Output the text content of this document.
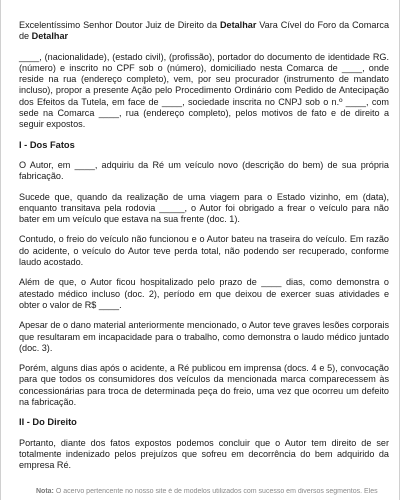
Excelentíssimo Senhor Doutor Juiz de Direito da Detalhar Vara Cível do Foro da Comarca de Detalhar

____, (nacionalidade), (estado civil), (profissão), portador do documento de identidade RG. (número) e inscrito no CPF sob o (número), domiciliado nesta Comarca de ____, onde reside na rua (endereço completo), vem, por seu procurador (instrumento de mandato incluso), propor a presente Ação pelo Procedimento Ordinário com Pedido de Antecipação dos Efeitos da Tutela, em face de ____, sociedade inscrita no CNPJ sob o n.º ____, com sede na Comarca ____, rua (endereço completo), pelos motivos de fato e de direito a seguir expostos.

I - Dos Fatos

O Autor, em ____, adquiriu da Ré um veículo novo (descrição do bem) de sua própria fabricação.

Sucede que, quando da realização de uma viagem para o Estado vizinho, em (data), enquanto transitava pela rodovia _____, o Autor foi obrigado a frear o veículo para não bater em um veículo que estava na sua frente (doc. 1).

Contudo, o freio do veículo não funcionou e o Autor bateu na traseira do veículo. Em razão do acidente, o veículo do Autor teve perda total, não podendo ser recuperado, conforme laudo acostado.

Além de que, o Autor ficou hospitalizado pelo prazo de ____ dias, como demonstra o atestado médico incluso (doc. 2), período em que deixou de exercer suas atividades e obter o valor de R$ ____.

Apesar de o dano material anteriormente mencionado, o Autor teve graves lesões corporais que resultaram em incapacidade para o trabalho, como demonstra o laudo médico juntado (doc. 3).

Porém, alguns dias após o acidente, a Ré publicou em imprensa (docs. 4 e 5), convocação para que todos os consumidores dos veículos da mencionada marca comparecessem às concessionárias para troca de determinada peça do freio, uma vez que ocorreu um defeito na fabricação.

II - Do Direito

Portanto, diante dos fatos expostos podemos concluir que o Autor tem direito de ser totalmente indenizado pelos prejuízos que sofreu em decorrência do bem adquirido da empresa Ré.

Nota: O acervo pertencente no nosso site é de modelos utilizados com sucesso em diversos segmentos. Eles
